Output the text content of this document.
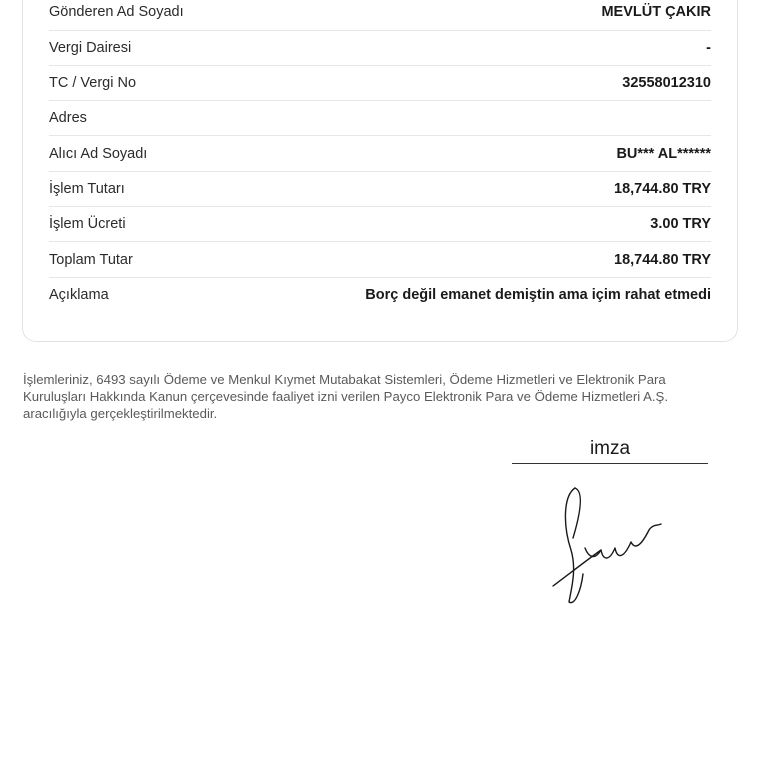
Gönderen Ad Soyadı	MEVLÜT ÇAKIR
Vergi Dairesi	-
TC / Vergi No	32558012310
Adres
Alıcı Ad Soyadı	BU*** AL******
İşlem Tutarı	18,744.80 TRY
İşlem Ücreti	3.00 TRY
Toplam Tutar	18,744.80 TRY
Açıklama	Borç değil emanet demiştin ama içim rahat etmedi
İşlemleriniz, 6493 sayılı Ödeme ve Menkul Kıymet Mutabakat Sistemleri, Ödeme Hizmetleri ve Elektronik Para Kuruluşları Hakkında Kanun çerçevesinde faaliyet izni verilen Payco Elektronik Para ve Ödeme Hizmetleri A.Ş. aracılığıyla gerçekleştirilmektedir.
imza
